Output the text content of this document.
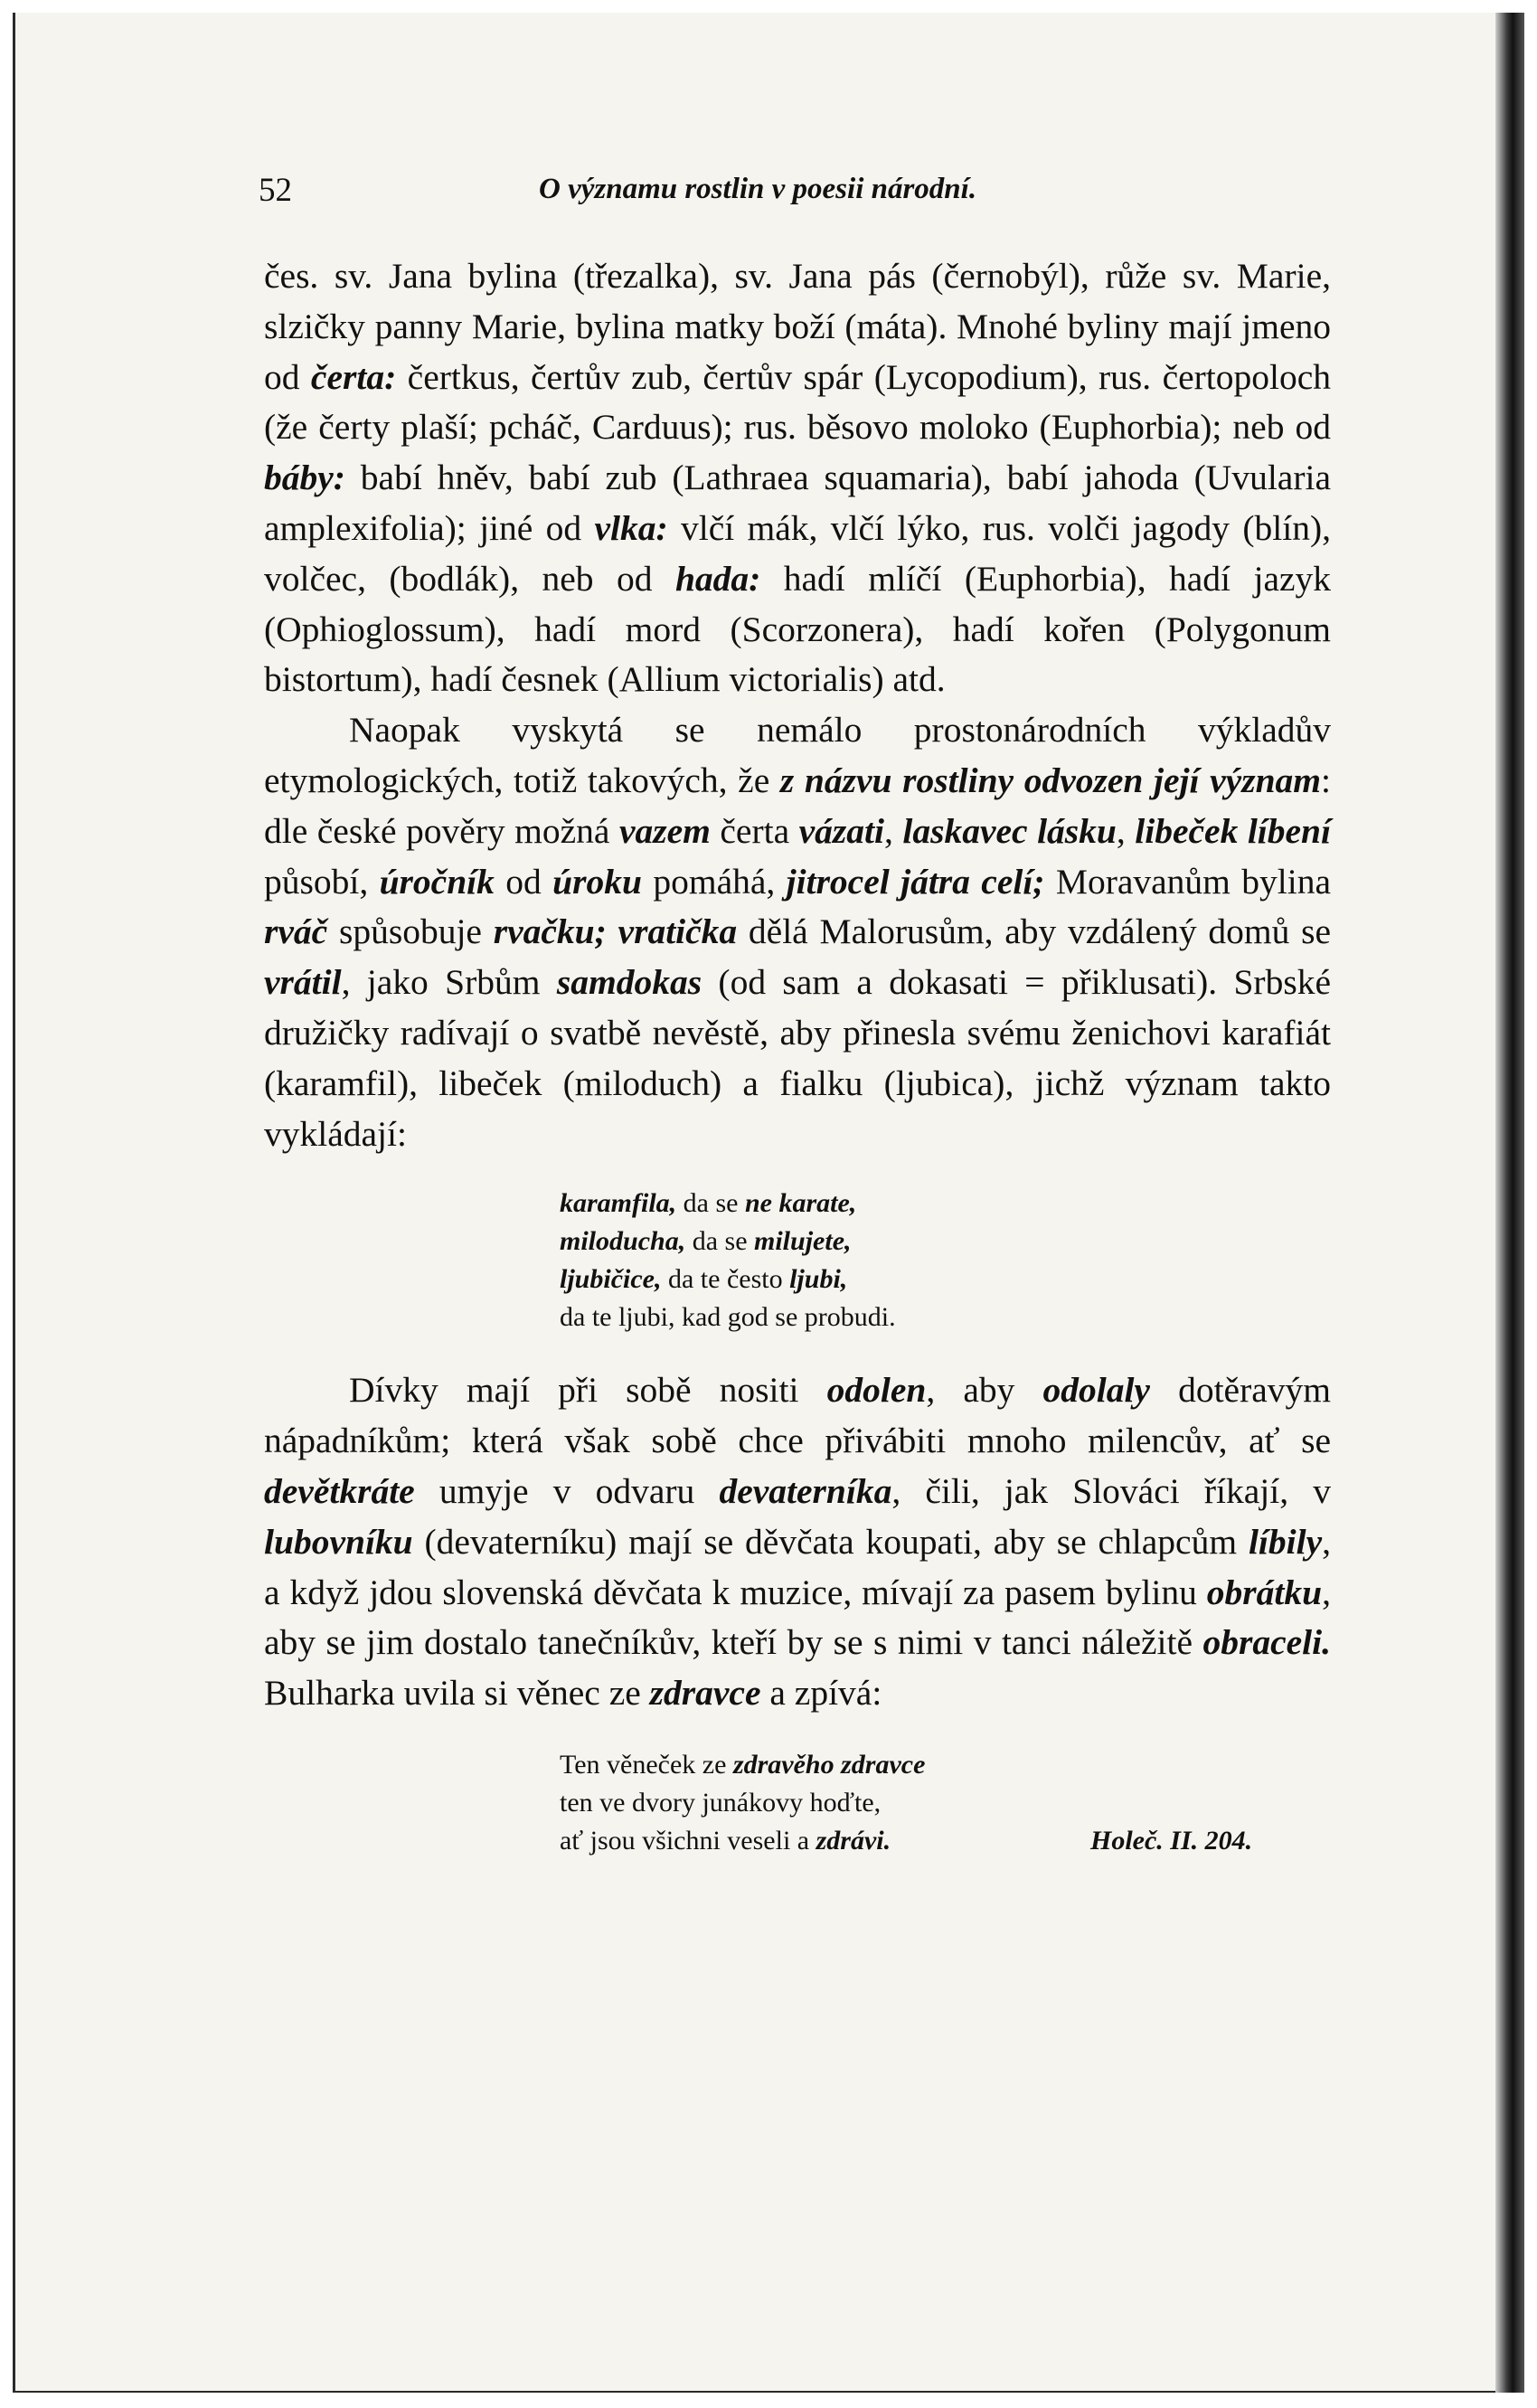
52	O významu rostlin v poesii národní.

čes. sv. Jana bylina (třezalka), sv. Jana pás (černobýl), růže sv. Marie, slzičky panny Marie, bylina matky boží (máta). Mnohé byliny mají jmeno od čerta: čertkus, čertův zub, čertův spár (Lycopodium), rus. čertopoloch (že čerty plaší; pcháč, Carduus); rus. běsovo moloko (Euphorbia); neb od báby: babí hněv, babí zub (Lathraea squamaria), babí jahoda (Uvularia amplexifolia); jiné od vlka: vlčí mák, vlčí lýko, rus. volči jagody (blín), volčec, (bodlák), neb od hada: hadí mlíčí (Euphorbia), hadí jazyk (Ophioglossum), hadí mord (Scorzonera), hadí kořen (Polygonum bistortum), hadí česnek (Allium victorialis) atd.

Naopak vyskytá se nemálo prostonárodních výkladův etymologických, totiž takových, že z názvu rostliny odvozen její význam: dle české pověry možná vazem čerta vázati, laskavec lásku, libeček líbení působí, úročník od úroku pomáhá, jitrocel játra celí; Moravanům bylina rváč spůsobuje rvačku; vratička dělá Malorusům, aby vzdálený domů se vrátil, jako Srbům samdokas (od sam a dokasati = přiklusati). Srbské družičky radívají o svatbě nevěstě, aby přinesla svému ženichovi karafiát (karamfil), libeček (miloduch) a fialku (ljubica), jichž význam takto vykládají:

karamfila, da se ne karate,
miloducha, da se milujete,
ljubičice, da te često ljubi,
da te ljubi, kad god se probudi.

Dívky mají při sobě nositi odolen, aby odolaly dotěravým nápadníkům; která však sobě chce přivábiti mnoho milencův, ať se devětkráte umyje v odvaru devaterníka, čili, jak Slováci říkají, v lubovníku (devaterníku) mají se děvčata koupati, aby se chlapcům líbily, a když jdou slovenská děvčata k muzice, mívají za pasem bylinu obrátku, aby se jim dostalo tanečníkův, kteří by se s nimi v tanci náležitě obraceli. Bulharka uvila si věnec ze zdravce a zpívá:

Ten věneček ze zdravěho zdravce
ten ve dvory junákovy hoďte,
ať jsou všichni veseli a zdrávi.	Holeč. II. 204.
